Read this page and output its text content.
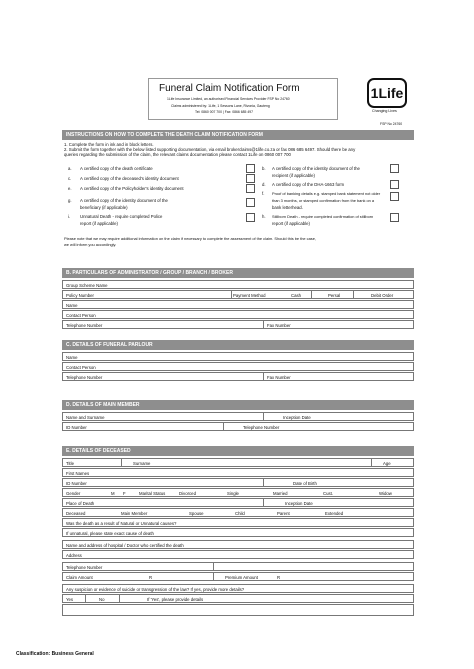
Funeral Claim Notification Form
1Life Insurance Limited, an authorised Financial Services Provider FSP No 24760
Claims administered by: 1Life, 1 Sessons Lane, Rivonia, Gauteng
Tel: 0860 007 700 | Fax: 0866 685 497
1Life
Changing Lives
FSP No 24760
INSTRUCTIONS ON HOW TO COMPLETE THE DEATH CLAIM NOTIFICATION FORM
1. Complete the form in ink and in block letters.
2. Submit the form together with the below listed supporting documentation, via email brokerclaims@1life.co.za or fax 086 685 6497. Should there be any
queries regarding the submission of the claim, the relevant claims documentation please contact 1Life on 0860 007 700
a. A certified copy of the death certificate
c. A certified copy of the deceased's identity document
e. A certified copy of the Policyholder's identity document
g. A certified copy of the identity document of the
beneficiary (if applicable)
i. Unnatural Death - require completed Police
report (if applicable)
b. A certified copy of the identity document of the
recipient (if applicable)
d. A certified copy of the DHA-1663 form
f. Proof of banking details e.g. stamped bank statement not older
than 3 months, or stamped confirmation from the bank on a
bank letterhead.
h. Stillborn Death - require completed confirmation of stillborn
report (if applicable)
Please note that we may require additional information on the claim if necessary to complete the assessment of the claim. Should this be the case,
we will inform you accordingly.
B. PARTICULARS OF ADMINISTRATOR / GROUP / BRANCH / BROKER
Group Scheme Name
Policy Number	Payment Method	Cash	Persal	Debit Order
Name
Contact Person
Telephone Number	Fax Number
C. DETAILS OF FUNERAL PARLOUR
Name
Contact Person
Telephone Number	Fax Number
D. DETAILS OF MAIN MEMBER
Name and Surname	Inception Date
ID Number	Telephone Number
E. DETAILS OF DECEASED
Title	Surname	Age
First Names
ID Number	Date of Birth
Gender	M F	Marital Status	Divorced	Single	Married	Cust.	Widow
Place of Death	Inception Date
Deceased	Main Member	Spouse	Child	Parent	Extended
Was the death as a result of Natural or Unnatural causes?
If unnatural, please state exact cause of death
Name and address of hospital / Doctor who certified the death
Address
Telephone Number
Claim Amount	R	Premium Amount	R
Any suspicion or evidence of suicide or transgression of the law? If yes, provide more details?
Yes	No	If 'Yes', please provide details
Classification: Business General
